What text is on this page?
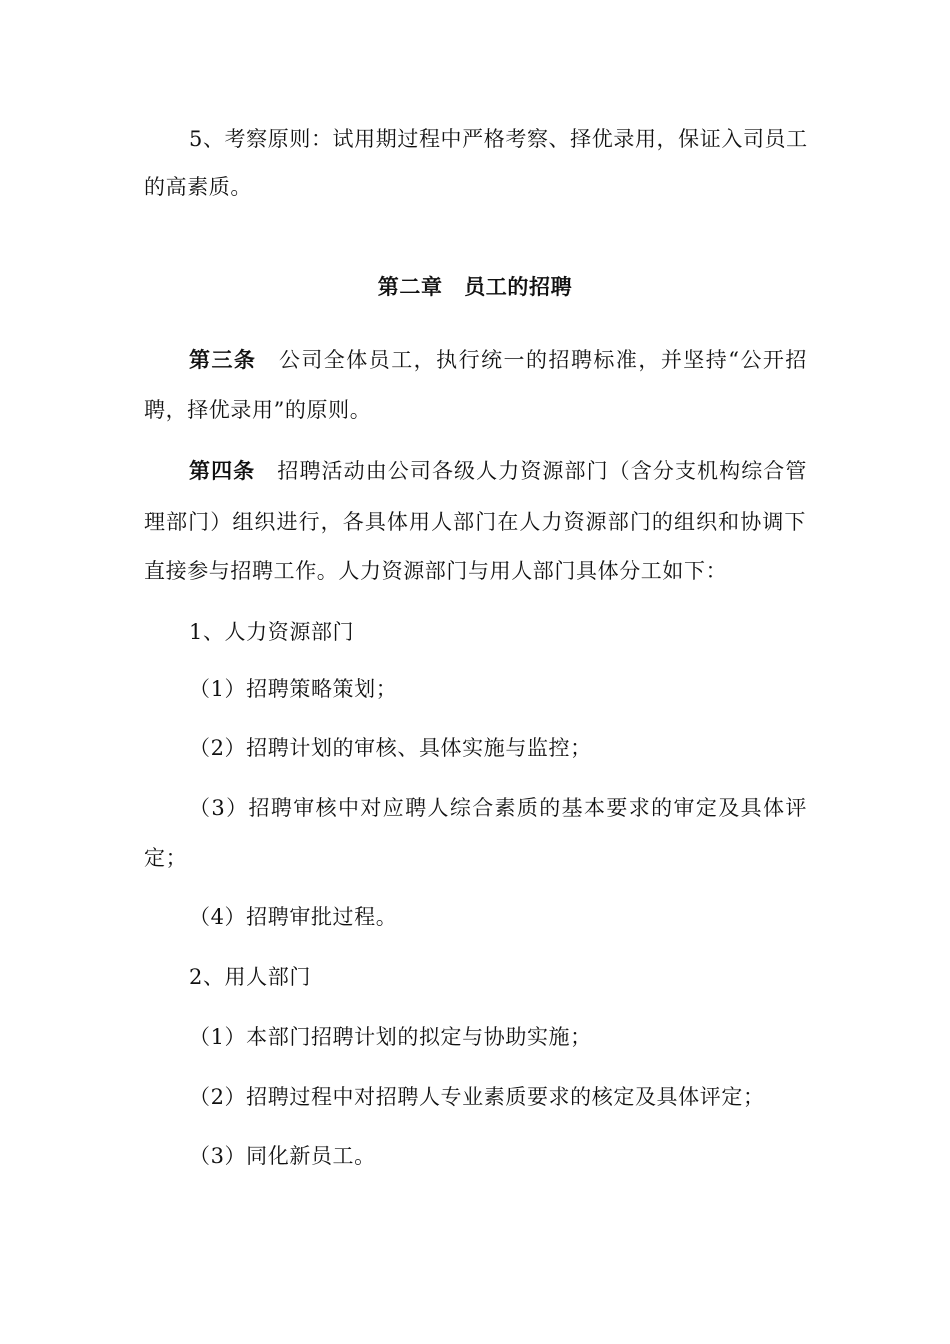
5、考察原则：试用期过程中严格考察、择优录用，保证入司员工
的高素质。
第二章　员工的招聘
第三条　公司全体员工，执行统一的招聘标准，并坚持“公开招
聘，择优录用”的原则。
第四条　招聘活动由公司各级人力资源部门（含分支机构综合管
理部门）组织进行，各具体用人部门在人力资源部门的组织和协调下
直接参与招聘工作。人力资源部门与用人部门具体分工如下：
1、人力资源部门
（1）招聘策略策划；
（2）招聘计划的审核、具体实施与监控；
（3）招聘审核中对应聘人综合素质的基本要求的审定及具体评
定；
（4）招聘审批过程。
2、用人部门
（1）本部门招聘计划的拟定与协助实施；
（2）招聘过程中对招聘人专业素质要求的核定及具体评定；
（3）同化新员工。
